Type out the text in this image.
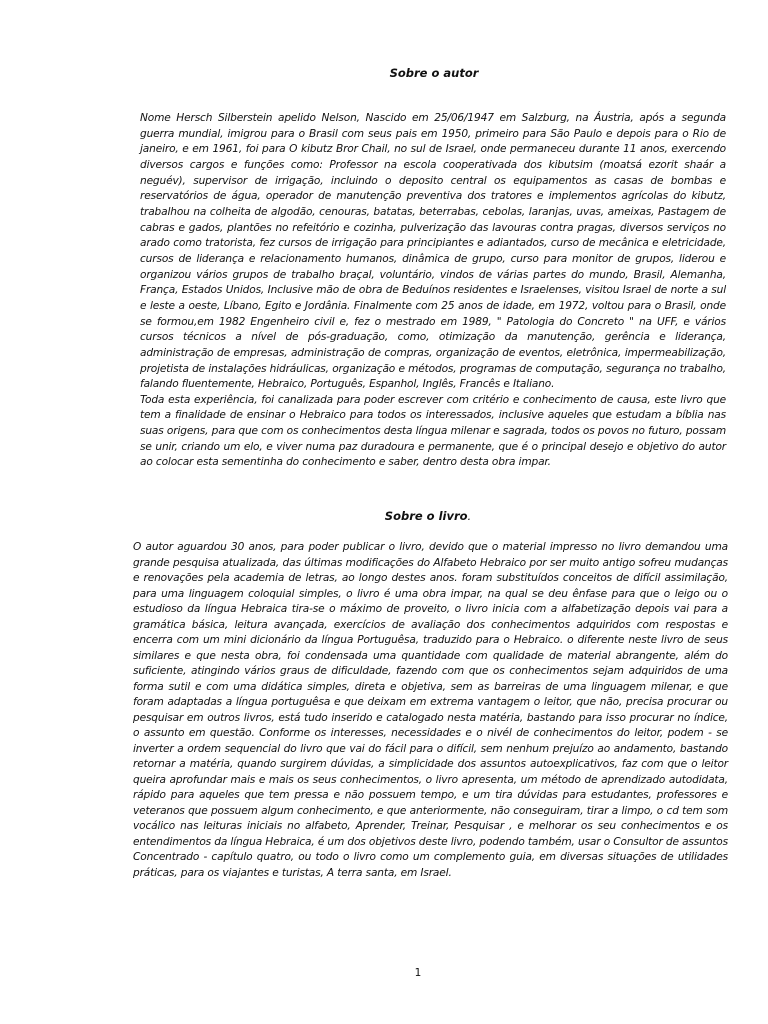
Sobre o autor

Nome Hersch Silberstein apelido Nelson, Nascido em 25/06/1947 em Salzburg, na Áustria, após a segunda guerra mundial, imigrou para o Brasil com seus pais em 1950, primeiro para São Paulo e depois para o Rio de janeiro, e em 1961, foi para O kibutz Bror Chail, no sul de Israel, onde permaneceu durante 11 anos, exercendo diversos cargos e funções como: Professor na escola cooperativada dos kibutsim (moatsá ezorit shaár a neguév), supervisor de irrigação, incluindo o deposito central os equipamentos as casas de bombas e reservatórios de água, operador de manutenção preventiva dos tratores e implementos agrícolas do kibutz, trabalhou na colheita de algodão, cenouras, batatas, beterrabas, cebolas, laranjas, uvas, ameixas, Pastagem de cabras e gados, plantões no refeitório e cozinha, pulverização das lavouras contra pragas, diversos serviços no arado como tratorista, fez cursos de irrigação para principiantes e adiantados, curso de mecânica e eletricidade, cursos de liderança e relacionamento humanos, dinâmica de grupo, curso para monitor de grupos, liderou e organizou vários grupos de trabalho braçal, voluntário, vindos de várias partes do mundo, Brasil, Alemanha, França, Estados Unidos, Inclusive mão de obra de Beduínos residentes e Israelenses, visitou Israel de norte a sul e leste a oeste, Líbano, Egito e Jordânia. Finalmente com 25 anos de idade, em 1972, voltou para o Brasil, onde se formou,em 1982 Engenheiro civil e, fez o mestrado em 1989, " Patologia do Concreto " na UFF, e vários cursos técnicos a nível de pós-graduação, como, otimização da manutenção, gerência e liderança, administração de empresas, administração de compras, organização de eventos, eletrônica, impermeabilização, projetista de instalações hidráulicas, organização e métodos, programas de computação, segurança no trabalho, falando fluentemente, Hebraico, Português, Espanhol, Inglês, Francês e Italiano.

Toda esta experiência, foi canalizada para poder escrever com critério e conhecimento de causa, este livro que tem a finalidade de ensinar o Hebraico para todos os interessados, inclusive aqueles que estudam a bíblia nas suas origens, para que com os conhecimentos desta língua milenar e sagrada, todos os povos no futuro, possam se unir, criando um elo, e viver numa paz duradoura e permanente, que é o principal desejo e objetivo do autor ao colocar esta sementinha do conhecimento e saber, dentro desta obra impar.

Sobre o livro.

O autor aguardou 30 anos, para poder publicar o livro, devido que o material impresso no livro demandou uma grande pesquisa atualizada, das últimas modificações do Alfabeto Hebraico por ser muito antigo sofreu mudanças e renovações pela academia de letras, ao longo destes anos. foram substituídos conceitos de difícil assimilação, para uma linguagem coloquial simples, o livro é uma obra impar, na qual se deu ênfase para que o leigo ou o estudioso da língua Hebraica tira-se o máximo de proveito, o livro inicia com a alfabetização depois vai para a gramática básica, leitura avançada, exercícios de avaliação dos conhecimentos adquiridos com respostas e encerra com um mini dicionário da língua Portuguêsa, traduzido para o Hebraico. o diferente neste livro de seus similares e que nesta obra, foi condensada uma quantidade com qualidade de material abrangente, além do suficiente, atingindo vários graus de dificuldade, fazendo com que os conhecimentos sejam adquiridos de uma forma sutil e com uma didática simples, direta e objetiva, sem as barreiras de uma linguagem milenar, e que foram adaptadas a língua portuguêsa e que deixam em extrema vantagem o leitor, que não, precisa procurar ou pesquisar em outros livros, está tudo inserido e catalogado nesta matéria, bastando para isso procurar no índice, o assunto em questão. Conforme os interesses, necessidades e o nivél de conhecimentos do leitor, podem - se inverter a ordem sequencial do livro que vai do fácil para o difícil, sem nenhum prejuízo ao andamento, bastando retornar a matéria, quando surgirem dúvidas, a simplicidade dos assuntos autoexplicativos, faz com que o leitor queira aprofundar mais e mais os seus conhecimentos, o livro apresenta, um método de aprendizado autodidata, rápido para aqueles que tem pressa e não possuem tempo, e um tira dúvidas para estudantes, professores e veteranos que possuem algum conhecimento, e que anteriormente, não conseguiram, tirar a limpo, o cd tem som vocálico nas leituras iniciais no alfabeto, Aprender, Treinar, Pesquisar , e melhorar os seu conhecimentos e os entendimentos da língua Hebraica, é um dos objetivos deste livro, podendo também, usar o Consultor de assuntos Concentrado - capítulo quatro, ou todo o livro como um complemento guia, em diversas situações de utilidades práticas, para os viajantes e turistas, A terra santa, em Israel.

1
